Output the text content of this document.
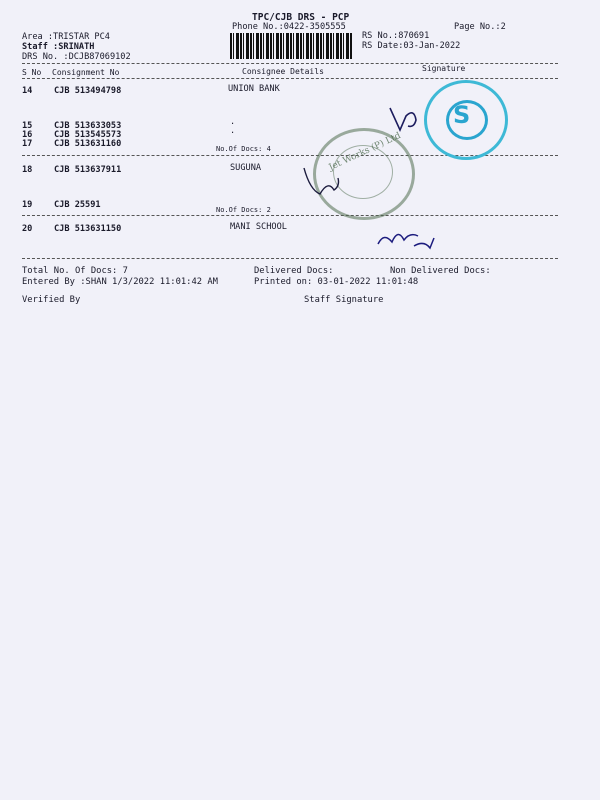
TPC/CJB DRS - PCP
Phone No.:0422-3505555	Page No.:2
Area :TRISTAR PC4
Staff :SRINATH
DRS No. :DCJB87069102
RS No.:870691
RS Date:03-Jan-2022
S No Consignment No	Consignee Details	Signature
14	CJB 513494798	UNION BANK
15	CJB 513633053	.
16	CJB 513545573	.
17	CJB 513631160	No.Of Docs: 4
18	CJB 513637911	SUGUNA
19	CJB 25591	No.Of Docs: 2
20	CJB 513631150	MANI SCHOOL
Jet Works (P) Ltd
S
Total No. Of Docs: 7	Delivered Docs:	Non Delivered Docs:
Entered By :SHAN 1/3/2022 11:01:42 AM	Printed on: 03-01-2022 11:01:48
Verified By	Staff Signature
